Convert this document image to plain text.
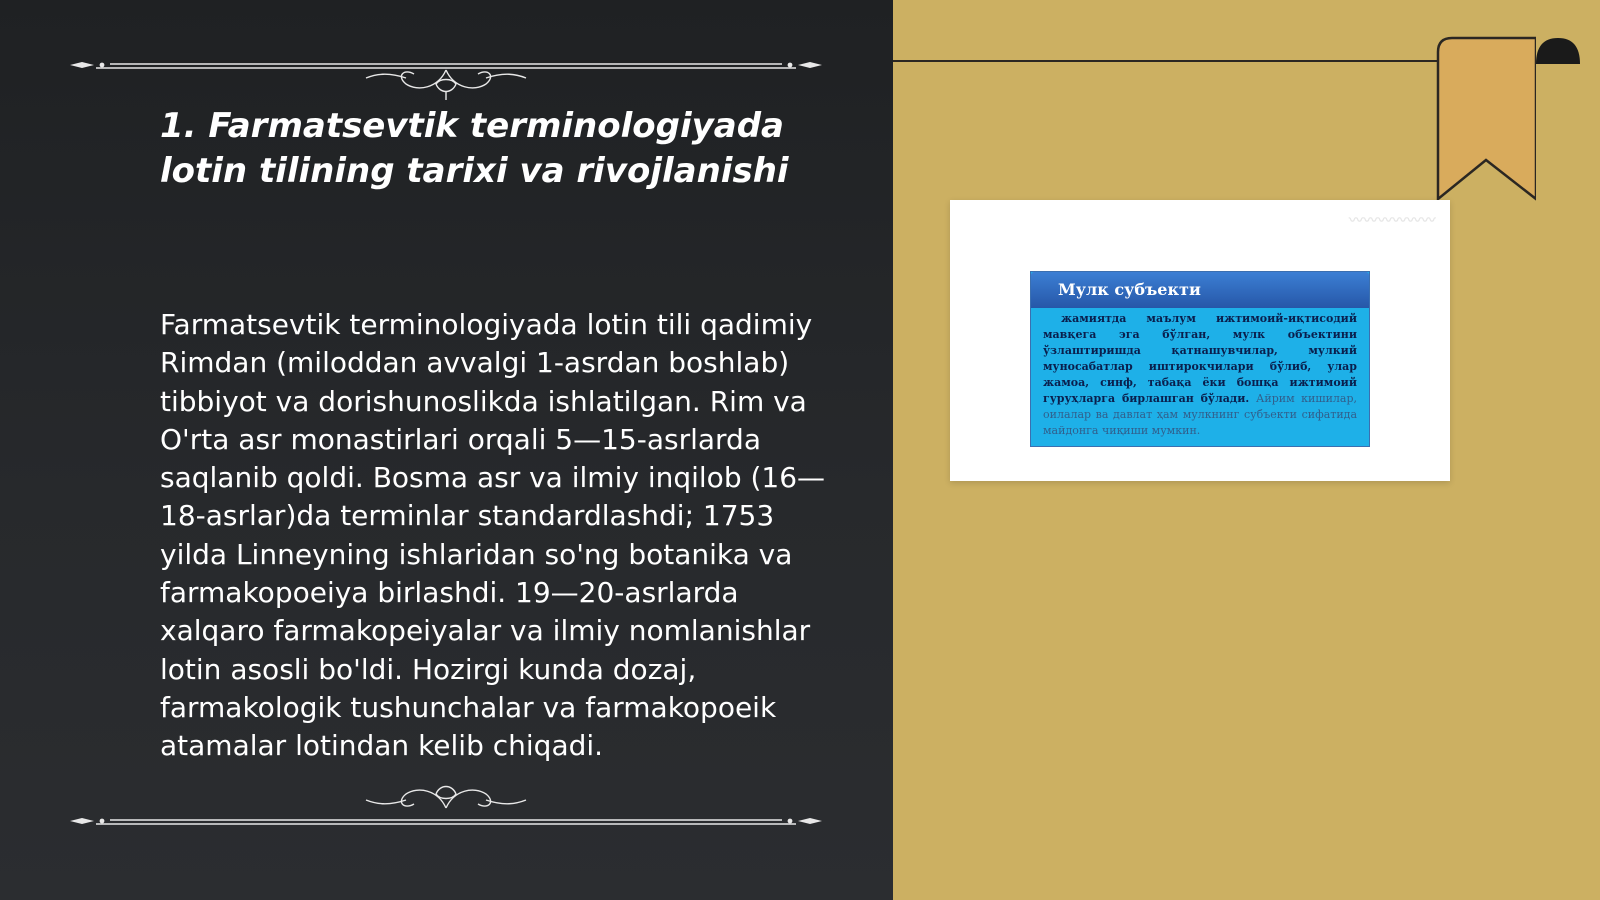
1. Farmatsevtik terminologiyada lotin tilining tarixi va rivojlanishi

Farmatsevtik terminologiyada lotin tili qadimiy Rimdan (miloddan avvalgi 1-asrdan boshlab) tibbiyot va dorishunoslikda ishlatilgan. Rim va O'rta asr monastirlari orqali 5—15-asrlarda saqlanib qoldi. Bosma asr va ilmiy inqilob (16—18-asrlar)da terminlar standardlashdi; 1753 yilda Linneyning ishlaridan so'ng botanika va farmakopoeiya birlashdi. 19—20-asrlarda xalqaro farmakopeiyalar va ilmiy nomlanishlar lotin asosli bo'ldi. Hozirgi kunda dozaj, farmakologik tushunchalar va farmakopoeik atamalar lotindan kelib chiqadi.

〰〰〰〰〰〰
Мулк субъекти
жамиятда маълум ижтимоий-иқтисодий мавқега эга бўлган, мулк объектини ўзлаштиришда қатнашувчилар, мулкий муносабатлар иштирокчилари бўлиб, улар жамоа, синф, табақа ёки бошқа ижтимоий гуруҳларга бирлашган бўлади. Айрим кишилар, оилалар ва давлат ҳам мулкнинг субъекти сифатида майдонга чиқиши мумкин.
